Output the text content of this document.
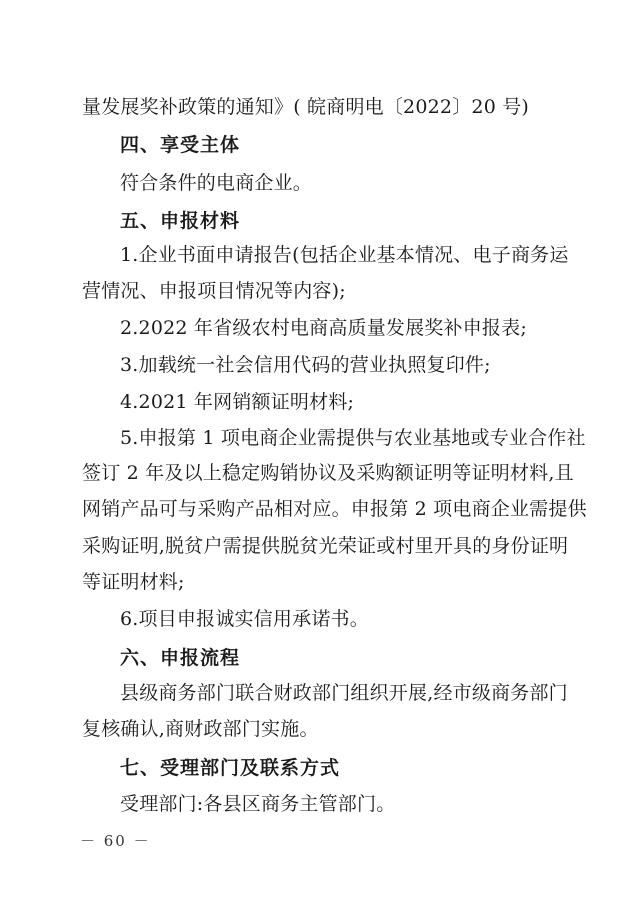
量发展奖补政策的通知》( 皖商明电〔2022〕20 号)
四、享受主体
符合条件的电商企业。
五、申报材料
1.企业书面申请报告(包括企业基本情况、电子商务运
营情况、申报项目情况等内容);
2.2022 年省级农村电商高质量发展奖补申报表;
3.加载统一社会信用代码的营业执照复印件;
4.2021 年网销额证明材料;
5.申报第 1 项电商企业需提供与农业基地或专业合作社
签订 2 年及以上稳定购销协议及采购额证明等证明材料,且
网销产品可与采购产品相对应。申报第 2 项电商企业需提供
采购证明,脱贫户需提供脱贫光荣证或村里开具的身份证明
等证明材料;
6.项目申报诚实信用承诺书。
六、申报流程
县级商务部门联合财政部门组织开展,经市级商务部门
复核确认,商财政部门实施。
七、受理部门及联系方式
受理部门:各县区商务主管部门。
－ 60 －
